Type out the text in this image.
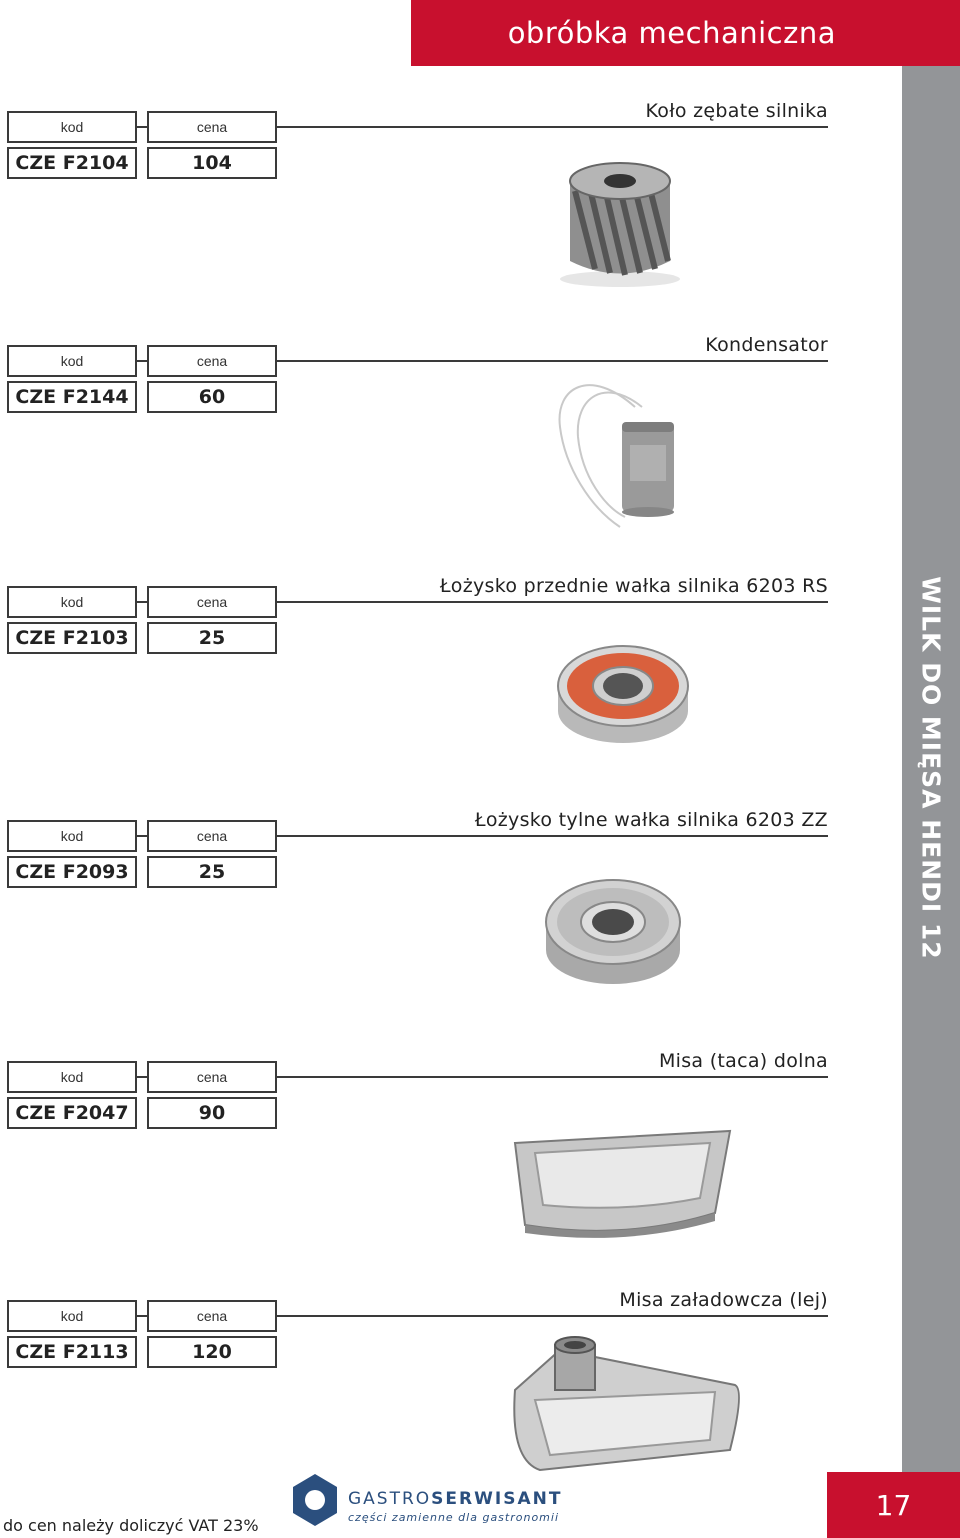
obróbka mechaniczna
WILK DO MIĘSA HENDI 12
kod	cena
Koło zębate silnika
CZE F2104	104
kod	cena
Kondensator
CZE F2144	60
kod	cena
Łożysko przednie wałka silnika 6203 RS
CZE F2103	25
kod	cena
Łożysko tylne wałka silnika 6203 ZZ
CZE F2093	25
kod	cena
Misa (taca) dolna
CZE F2047	90
kod	cena
Misa załadowcza (lej)
CZE F2113	120
do cen należy doliczyć VAT 23%
GASTROSERWISANT
części zamienne dla gastronomii	17
